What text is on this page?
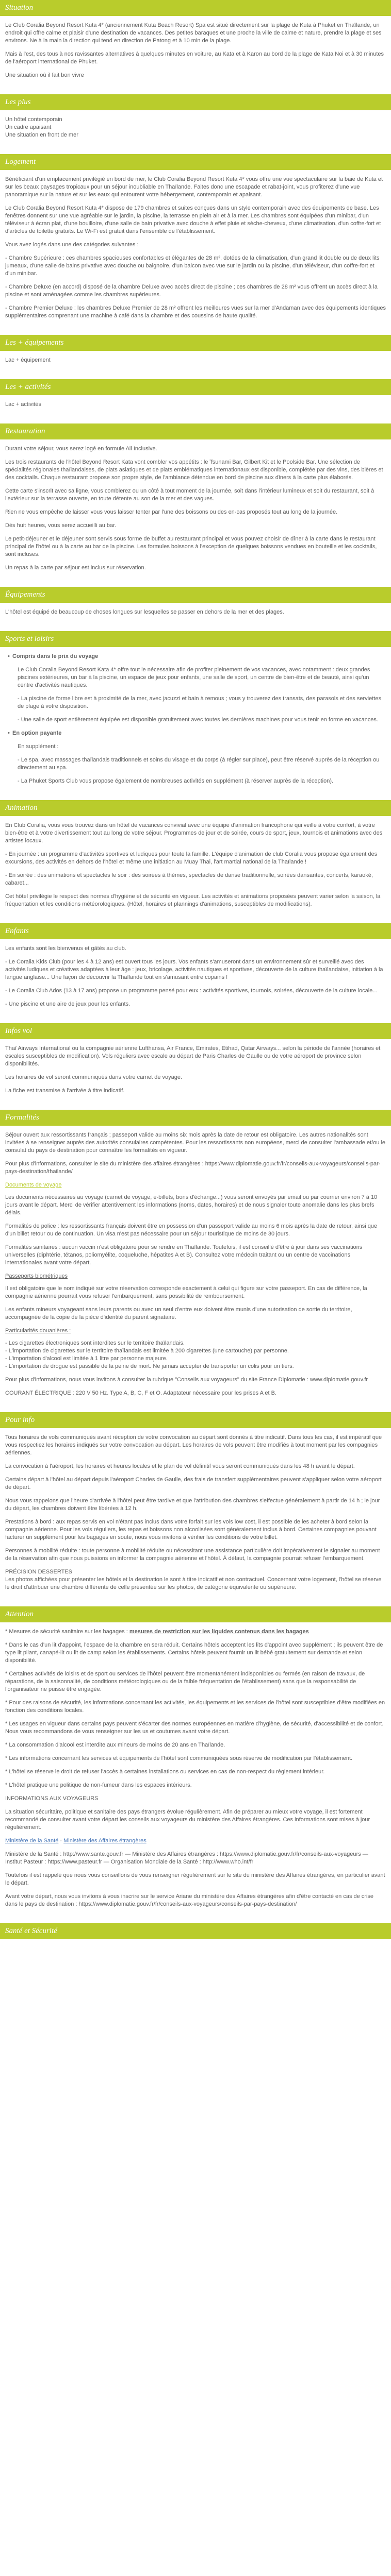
Situation

Le Club Coralia Beyond Resort Kuta 4* (anciennement Kuta Beach Resort) Spa est situé directement sur la plage de Kuta à Phuket en Thaïlande, un endroit qui offre calme et plaisir d'une destination de vacances. Des petites baraques et une proche la ville de calme et nature, prendre la plage et ses environs. Ne à la main la direction qui tend en direction de Patong et à 10 min de la plage.

Mais à l'est, des tous à nos ravissantes alternatives à quelques minutes en voiture, au Kata et à Karon au bord de la plage de Kata Noi et à 30 minutes de l'aéroport international de Phuket.

Une situation où il fait bon vivre

Les plus

Un hôtel contemporain

Un cadre apaisant

Une situation en front de mer

Logement

Bénéficiant d'un emplacement privilégié en bord de mer, le Club Coralia Beyond Resort Kuta 4* vous offre une vue spectaculaire sur la baie de Kuta et sur les beaux paysages tropicaux pour un séjour inoubliable en Thaïlande. Faites donc une escapade et rabat-joint, vous profiterez d'une vue panoramique sur la nature et sur les eaux qui entourent votre hébergement, contemporain et apaisant.

Le Club Coralia Beyond Resort Kuta 4* dispose de 179 chambres et suites conçues dans un style contemporain avec des équipements de base. Les fenêtres donnent sur une vue agréable sur le jardin, la piscine, la terrasse en plein air et à la mer. Les chambres sont équipées d'un minibar, d'un téléviseur à écran plat, d'une bouilloire, d'une salle de bain privative avec douche à effet pluie et sèche-cheveux, d'une climatisation, d'un coffre-fort et d'articles de toilette gratuits. Le Wi-Fi est gratuit dans l'ensemble de l'établissement.

Vous avez logés dans une des catégories suivantes :

- Chambre Supérieure : ces chambres spacieuses confortables et élégantes de 28 m², dotées de la climatisation, d'un grand lit double ou de deux lits jumeaux, d'une salle de bains privative avec douche ou baignoire, d'un balcon avec vue sur le jardin ou la piscine, d'un téléviseur, d'un coffre-fort et d'un minibar.

- Chambre Deluxe (en accord) disposé de la chambre Deluxe avec accès direct de piscine ; ces chambres de 28 m² vous offrent un accès direct à la piscine et sont aménagées comme les chambres supérieures.

- Chambre Premier Deluxe : les chambres Deluxe Premier de 28 m² offrent les meilleures vues sur la mer d'Andaman avec des équipements identiques supplémentaires comprenant une machine à café dans la chambre et des coussins de haute qualité.

Les + équipements

Lac + équipement

Les + activités

Lac + activités

Restauration

Durant votre séjour, vous serez logé en formule All Inclusive.

Les trois restaurants de l'hôtel Beyond Resort Kata vont combler vos appétits : le Tsunami Bar, Gilbert Kit et le Poolside Bar. Une sélection de spécialités régionales thaïlandaises, de plats asiatiques et de plats emblématiques internationaux est disponible, complétée par des vins, des bières et des cocktails. Chaque restaurant propose son propre style, de l'ambiance détendue en bord de piscine aux dîners à la carte plus élaborés.

Cette carte s'inscrit avec sa ligne, vous comblerez ou un côté à tout moment de la journée, soit dans l'intérieur lumineux et soit du restaurant, soit à l'extérieur sur la terrasse ouverte, en toute détente au son de la mer et des vagues.

Rien ne vous empêche de laisser vous vous laisser tenter par l'une des boissons ou des en-cas proposés tout au long de la journée.

Dès huit heures, vous serez accueilli au bar.

Le petit-déjeuner et le déjeuner sont servis sous forme de buffet au restaurant principal et vous pouvez choisir de dîner à la carte dans le restaurant principal de l'hôtel ou à la carte au bar de la piscine. Les formules boissons à l'exception de quelques boissons vendues en bouteille et les cocktails, sont incluses.

Un repas à la carte par séjour est inclus sur réservation.

Équipements

L'hôtel est équipé de beaucoup de choses longues sur lesquelles se passer en dehors de la mer et des plages.

Sports et loisirs
• Compris dans le prix du voyage

Le Club Coralia Beyond Resort Kata 4* offre tout le nécessaire afin de profiter pleinement de vos vacances, avec notamment : deux grandes piscines extérieures, un bar à la piscine, un espace de jeux pour enfants, une salle de sport, un centre de bien-être et de beauté, ainsi qu'un centre d'activités nautiques.

- La piscine de forme libre est à proximité de la mer, avec jacuzzi et bain à remous ; vous y trouverez des transats, des parasols et des serviettes de plage à votre disposition.

- Une salle de sport entièrement équipée est disponible gratuitement avec toutes les dernières machines pour vous tenir en forme en vacances.

• En option payante

En supplément :

- Le spa, avec massages thaïlandais traditionnels et soins du visage et du corps (à régler sur place), peut être réservé auprès de la réception ou directement au spa.

- La Phuket Sports Club vous propose également de nombreuses activités en supplément (à réserver auprès de la réception).

Animation

En Club Coralia, vous vous trouvez dans un hôtel de vacances convivial avec une équipe d'animation francophone qui veille à votre confort, à votre bien-être et à votre divertissement tout au long de votre séjour. Programmes de jour et de soirée, cours de sport, jeux, tournois et animations avec des artistes locaux.

- En journée : un programme d'activités sportives et ludiques pour toute la famille. L'équipe d'animation de club Coralia vous propose également des excursions, des activités en dehors de l'hôtel et même une initiation au Muay Thai, l'art martial national de la Thaïlande !

- En soirée : des animations et spectacles le soir : des soirées à thèmes, spectacles de danse traditionnelle, soirées dansantes, concerts, karaoké, cabaret...

Cet hôtel privilégie le respect des normes d'hygiène et de sécurité en vigueur. Les activités et animations proposées peuvent varier selon la saison, la fréquentation et les conditions météorologiques. (Hôtel, horaires et plannings d'animations, susceptibles de modifications).

Enfants

Les enfants sont les bienvenus et gâtés au club.

- Le Coralia Kids Club (pour les 4 à 12 ans) est ouvert tous les jours. Vos enfants s'amuseront dans un environnement sûr et surveillé avec des activités ludiques et créatives adaptées à leur âge : jeux, bricolage, activités nautiques et sportives, découverte de la culture thaïlandaise, initiation à la langue anglaise... Une façon de découvrir la Thaïlande tout en s'amusant entre copains !

- Le Coralia Club Ados (13 à 17 ans) propose un programme pensé pour eux : activités sportives, tournois, soirées, découverte de la culture locale...

- Une piscine et une aire de jeux pour les enfants.

Infos vol

Thaï Airways International ou la compagnie aérienne Lufthansa, Air France, Emirates, Etihad, Qatar Airways... selon la période de l'année (horaires et escales susceptibles de modification). Vols réguliers avec escale au départ de Paris Charles de Gaulle ou de votre aéroport de province selon disponibilités.

Les horaires de vol seront communiqués dans votre carnet de voyage.

La fiche est transmise à l'arrivée à titre indicatif.

Formalités

Séjour ouvert aux ressortissants français ; passeport valide au moins six mois après la date de retour est obligatoire. Les autres nationalités sont invitées à se renseigner auprès des autorités consulaires compétentes. Pour les ressortissants non européens, merci de consulter l'ambassade et/ou le consulat du pays de destination pour connaître les formalités en vigueur.

Pour plus d'informations, consulter le site du ministère des affaires étrangères : https://www.diplomatie.gouv.fr/fr/conseils-aux-voyageurs/conseils-par-pays-destination/thailande/

Documents de voyage

Les documents nécessaires au voyage (carnet de voyage, e-billets, bons d'échange...) vous seront envoyés par email ou par courrier environ 7 à 10 jours avant le départ. Merci de vérifier attentivement les informations (noms, dates, horaires) et de nous signaler toute anomalie dans les plus brefs délais.

Formalités de police : les ressortissants français doivent être en possession d'un passeport valide au moins 6 mois après la date de retour, ainsi que d'un billet retour ou de continuation. Un visa n'est pas nécessaire pour un séjour touristique de moins de 30 jours.

Formalités sanitaires : aucun vaccin n'est obligatoire pour se rendre en Thaïlande. Toutefois, il est conseillé d'être à jour dans ses vaccinations universelles (diphtérie, tétanos, poliomyélite, coqueluche, hépatites A et B). Consultez votre médecin traitant ou un centre de vaccinations internationales avant votre départ.

Passeports biométriques

Il est obligatoire que le nom indiqué sur votre réservation corresponde exactement à celui qui figure sur votre passeport. En cas de différence, la compagnie aérienne pourrait vous refuser l'embarquement, sans possibilité de remboursement.

Les enfants mineurs voyageant sans leurs parents ou avec un seul d'entre eux doivent être munis d'une autorisation de sortie du territoire, accompagnée de la copie de la pièce d'identité du parent signataire.

Particularités douanières :

- Les cigarettes électroniques sont interdites sur le territoire thaïlandais.

- L'importation de cigarettes sur le territoire thaïlandais est limitée à 200 cigarettes (une cartouche) par personne.

- L'importation d'alcool est limitée à 1 litre par personne majeure.

- L'importation de drogue est passible de la peine de mort. Ne jamais accepter de transporter un colis pour un tiers.

Pour plus d'informations, nous vous invitons à consulter la rubrique "Conseils aux voyageurs" du site France Diplomatie : www.diplomatie.gouv.fr

COURANT ÉLECTRIQUE : 220 V 50 Hz. Type A, B, C, F et O. Adaptateur nécessaire pour les prises A et B.

Pour info

Tous horaires de vols communiqués avant réception de votre convocation au départ sont donnés à titre indicatif. Dans tous les cas, il est impératif que vous respectiez les horaires indiqués sur votre convocation au départ. Les horaires de vols peuvent être modifiés à tout moment par les compagnies aériennes.

La convocation à l'aéroport, les horaires et heures locales et le plan de vol définitif vous seront communiqués dans les 48 h avant le départ.

Certains départ à l'hôtel au départ depuis l'aéroport Charles de Gaulle, des frais de transfert supplémentaires peuvent s'appliquer selon votre aéroport de départ.

Nous vous rappelons que l'heure d'arrivée à l'hôtel peut être tardive et que l'attribution des chambres s'effectue généralement à partir de 14 h ; le jour du départ, les chambres doivent être libérées à 12 h.

Prestations à bord : aux repas servis en vol n'étant pas inclus dans votre forfait sur les vols low cost, il est possible de les acheter à bord selon la compagnie aérienne. Pour les vols réguliers, les repas et boissons non alcoolisées sont généralement inclus à bord. Certaines compagnies pouvant facturer un supplément pour les bagages en soute, nous vous invitons à vérifier les conditions de votre billet.

Personnes à mobilité réduite : toute personne à mobilité réduite ou nécessitant une assistance particulière doit impérativement le signaler au moment de la réservation afin que nous puissions en informer la compagnie aérienne et l'hôtel. À défaut, la compagnie pourrait refuser l'embarquement.

PRÉCISION DESSERTES

Les photos affichées pour présenter les hôtels et la destination le sont à titre indicatif et non contractuel. Concernant votre logement, l'hôtel se réserve le droit d'attribuer une chambre différente de celle présentée sur les photos, de catégorie équivalente ou supérieure.

Attention

* Mesures de sécurité sanitaire sur les bagages : mesures de restriction sur les liquides contenus dans les bagages

* Dans le cas d'un lit d'appoint, l'espace de la chambre en sera réduit. Certains hôtels acceptent les lits d'appoint avec supplément ; ils peuvent être de type lit pliant, canapé-lit ou lit de camp selon les établissements. Certains hôtels peuvent fournir un lit bébé gratuitement sur demande et selon disponibilité.

* Certaines activités de loisirs et de sport ou services de l'hôtel peuvent être momentanément indisponibles ou fermés (en raison de travaux, de réparations, de la saisonnalité, de conditions météorologiques ou de la faible fréquentation de l'établissement) sans que la responsabilité de l'organisateur ne puisse être engagée.

* Pour des raisons de sécurité, les informations concernant les activités, les équipements et les services de l'hôtel sont susceptibles d'être modifiées en fonction des conditions locales.

* Les usages en vigueur dans certains pays peuvent s'écarter des normes européennes en matière d'hygiène, de sécurité, d'accessibilité et de confort. Nous vous recommandons de vous renseigner sur les us et coutumes avant votre départ.

* La consommation d'alcool est interdite aux mineurs de moins de 20 ans en Thaïlande.

* Les informations concernant les services et équipements de l'hôtel sont communiquées sous réserve de modification par l'établissement.

* L'hôtel se réserve le droit de refuser l'accès à certaines installations ou services en cas de non-respect du règlement intérieur.

* L'hôtel pratique une politique de non-fumeur dans les espaces intérieurs.

INFORMATIONS AUX VOYAGEURS

La situation sécuritaire, politique et sanitaire des pays étrangers évolue régulièrement. Afin de préparer au mieux votre voyage, il est fortement recommandé de consulter avant votre départ les conseils aux voyageurs du ministère des Affaires étrangères. Ces informations sont mises à jour régulièrement.

Ministère de la Santé · Ministère des Affaires étrangères

Ministère de la Santé : http://www.sante.gouv.fr — Ministère des Affaires étrangères : https://www.diplomatie.gouv.fr/fr/conseils-aux-voyageurs — Institut Pasteur : https://www.pasteur.fr — Organisation Mondiale de la Santé : http://www.who.int/fr

Toutefois il est rappelé que nous vous conseillons de vous renseigner régulièrement sur le site du ministère des Affaires étrangères, en particulier avant le départ.

Avant votre départ, nous vous invitons à vous inscrire sur le service Ariane du ministère des Affaires étrangères afin d'être contacté en cas de crise dans le pays de destination : https://www.diplomatie.gouv.fr/fr/conseils-aux-voyageurs/conseils-par-pays-destination/

Santé et Sécurité
